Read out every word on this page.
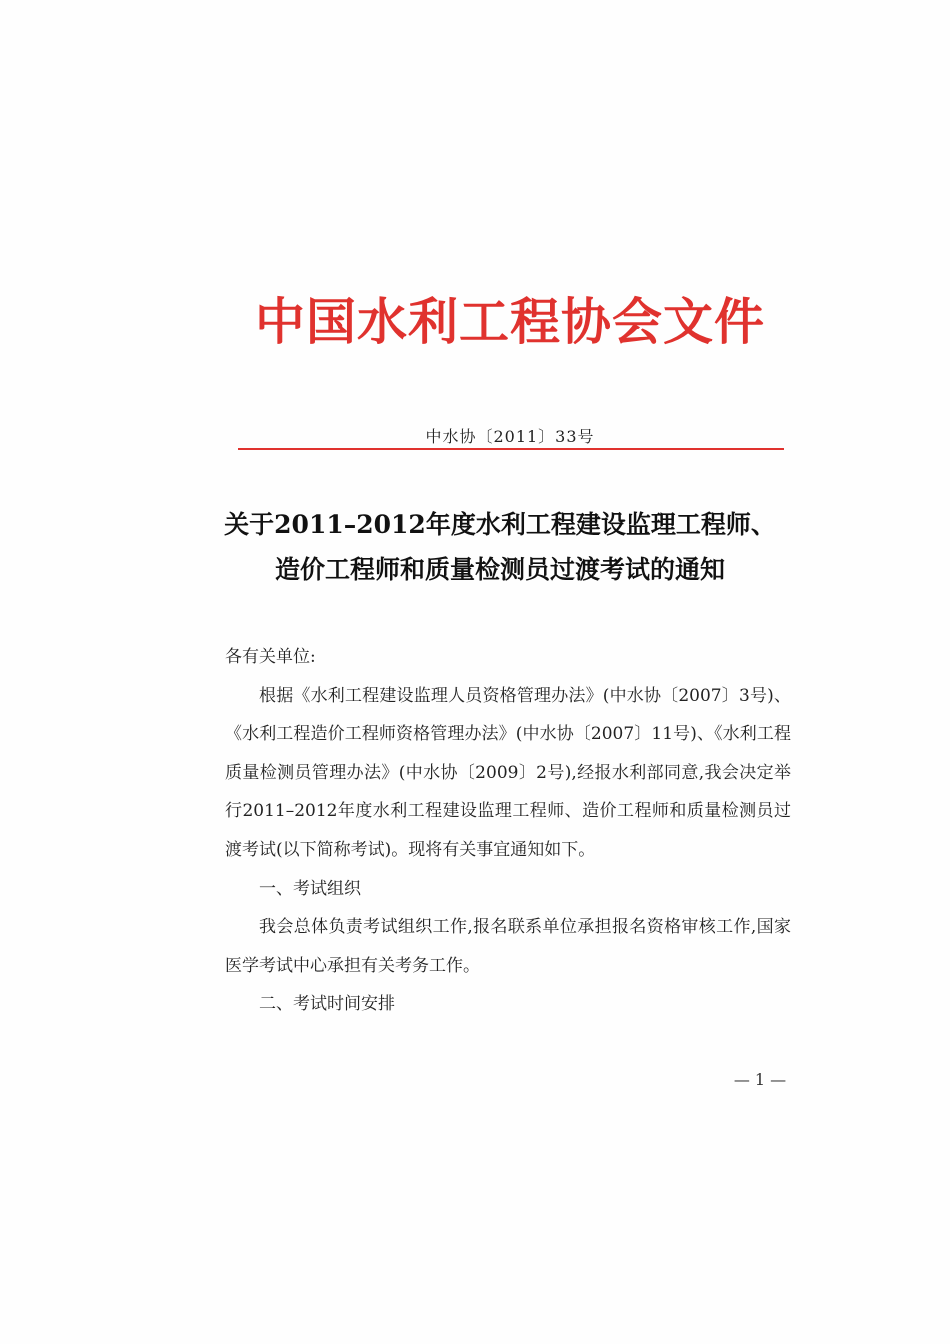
中国水利工程协会文件
中水协〔2011〕33号
关于2011–2012年度水利工程建设监理工程师、
造价工程师和质量检测员过渡考试的通知

各有关单位:

根据《水利工程建设监理人员资格管理办法》(中水协〔2007〕3号)、《水利工程造价工程师资格管理办法》(中水协〔2007〕11号)、《水利工程质量检测员管理办法》(中水协〔2009〕2号),经报水利部同意,我会决定举行2011–2012年度水利工程建设监理工程师、造价工程师和质量检测员过渡考试(以下简称考试)。现将有关事宜通知如下。

一、考试组织

我会总体负责考试组织工作,报名联系单位承担报名资格审核工作,国家医学考试中心承担有关考务工作。

二、考试时间安排

— 1 —
